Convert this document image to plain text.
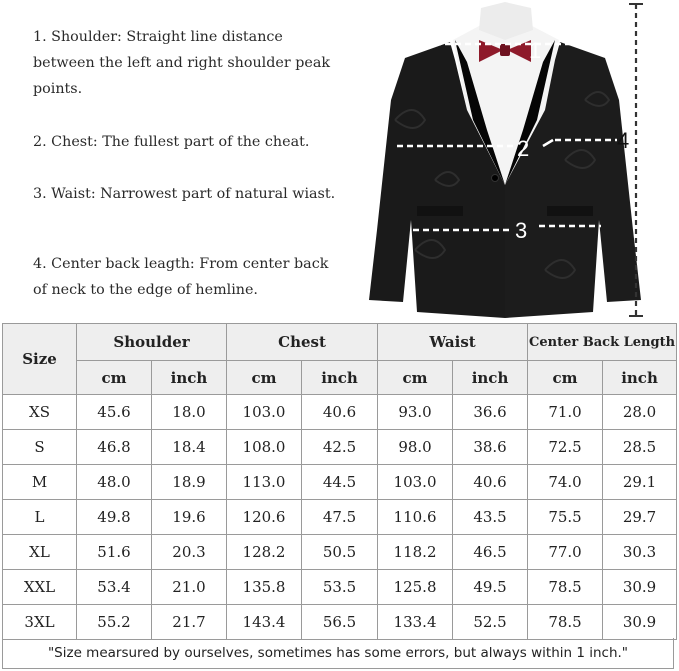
1. Shoulder: Straight line distance between the left and right shoulder peak points.

2. Chest: The fullest part of the cheat.

3. Waist: Narrowest part of natural wiast.

4. Center back leagth: From center back of neck to the edge of hemline.

1
2
3
4
Size	Shoulder		Chest		Waist		Center Back Length	
	cm	inch	cm	inch	cm	inch	cm	inch
XS	45.6	18.0	103.0	40.6	93.0	36.6	71.0	28.0
S	46.8	18.4	108.0	42.5	98.0	38.6	72.5	28.5
M	48.0	18.9	113.0	44.5	103.0	40.6	74.0	29.1
L	49.8	19.6	120.6	47.5	110.6	43.5	75.5	29.7
XL	51.6	20.3	128.2	50.5	118.2	46.5	77.0	30.3
XXL	53.4	21.0	135.8	53.5	125.8	49.5	78.5	30.9
3XL	55.2	21.7	143.4	56.5	133.4	52.5	78.5	30.9
"Size mearsured by ourselves, sometimes has some errors, but always within 1 inch."
